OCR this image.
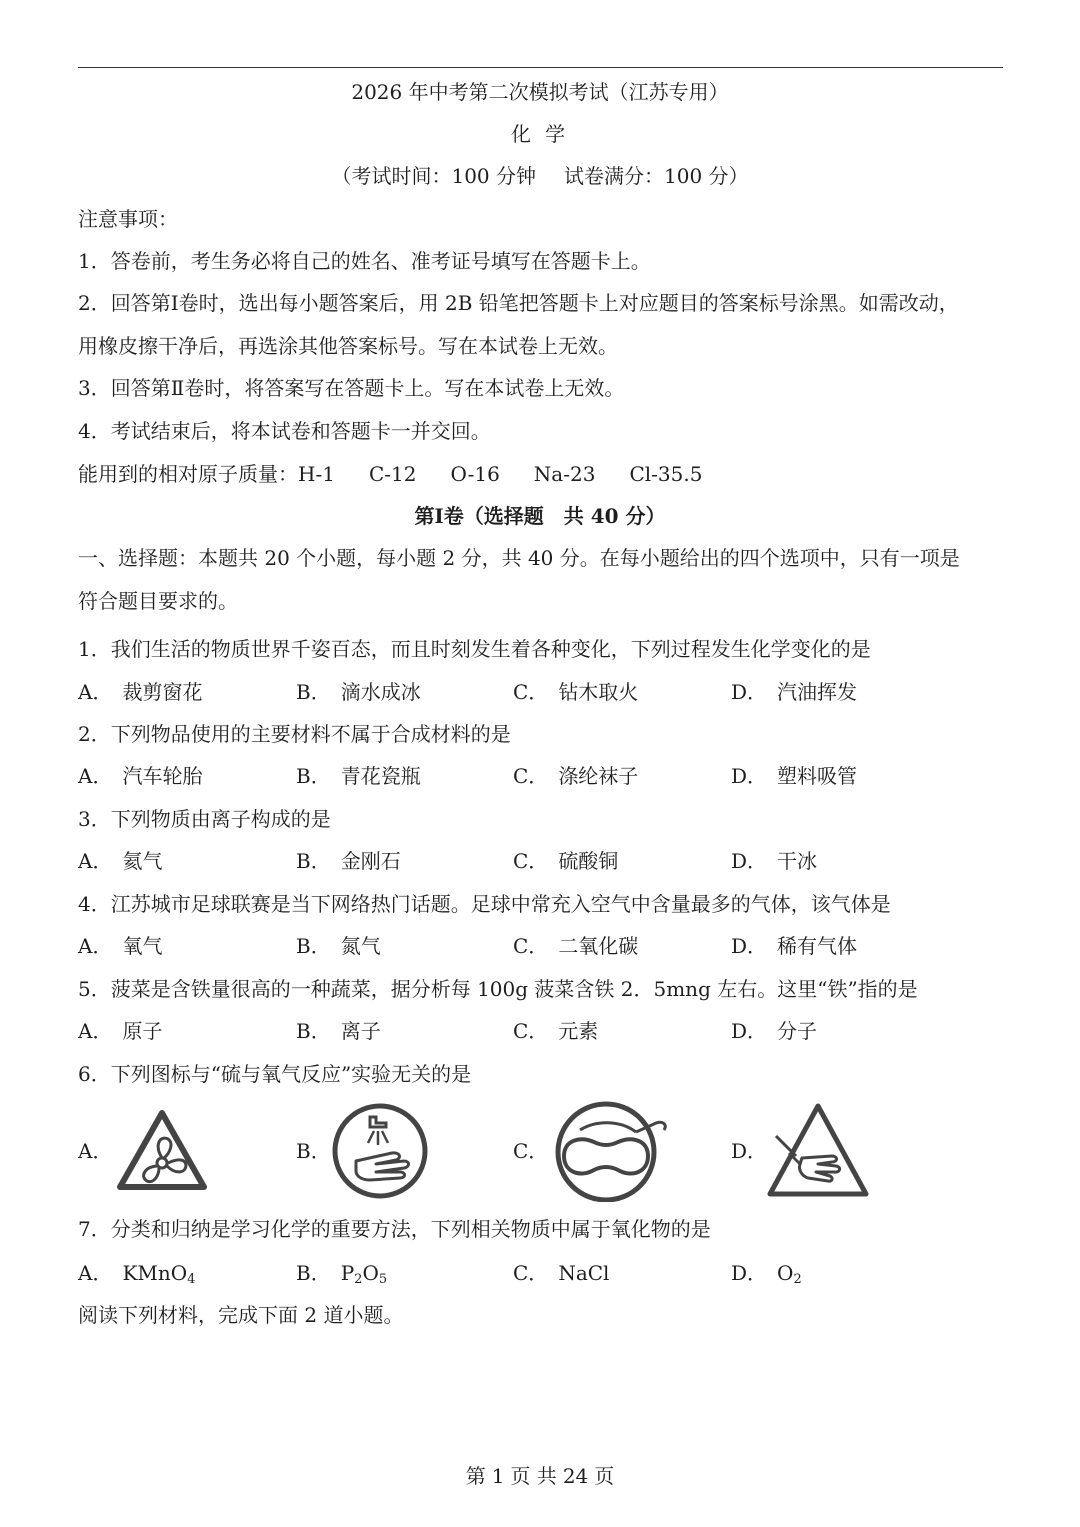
2026 年中考第二次模拟考试（江苏专用）
化 学
（考试时间：100 分钟 试卷满分：100 分）
注意事项：
1．答卷前，考生务必将自己的姓名、准考证号填写在答题卡上。
2．回答第Ⅰ卷时，选出每小题答案后，用 2B 铅笔把答题卡上对应题目的答案标号涂黑。如需改动，
用橡皮擦干净后，再选涂其他答案标号。写在本试卷上无效。
3．回答第Ⅱ卷时，将答案写在答题卡上。写在本试卷上无效。
4．考试结束后，将本试卷和答题卡一并交回。
能用到的相对原子质量：H-1 C-12 O-16 Na-23 Cl-35.5
第Ⅰ卷（选择题　共 40 分）
一、选择题：本题共 20 个小题，每小题 2 分，共 40 分。在每小题给出的四个选项中，只有一项是
符合题目要求的。
1．我们生活的物质世界千姿百态，而且时刻发生着各种变化，下列过程发生化学变化的是
A． 裁剪窗花	B． 滴水成冰	C． 钻木取火	D． 汽油挥发
2．下列物品使用的主要材料不属于合成材料的是
A． 汽车轮胎	B． 青花瓷瓶	C． 涤纶袜子	D． 塑料吸管
3．下列物质由离子构成的是
A． 氦气	B． 金刚石	C． 硫酸铜	D． 干冰
4．江苏城市足球联赛是当下网络热门话题。足球中常充入空气中含量最多的气体，该气体是
A． 氧气	B． 氮气	C． 二氧化碳	D． 稀有气体
5．菠菜是含铁量很高的一种蔬菜，据分析每 100g 菠菜含铁 2．5mng 左右。这里“铁”指的是
A． 原子	B． 离子	C． 元素	D． 分子
6．下列图标与“硫与氧气反应”实验无关的是
A．	B．	C．	D．
7．分类和归纳是学习化学的重要方法，下列相关物质中属于氧化物的是
A． KMnO$_4$	B． $P_2O_5$	C． NaCl	D． $O_2$
阅读下列材料，完成下面 2 道小题。
第 1 页 共 24 页
